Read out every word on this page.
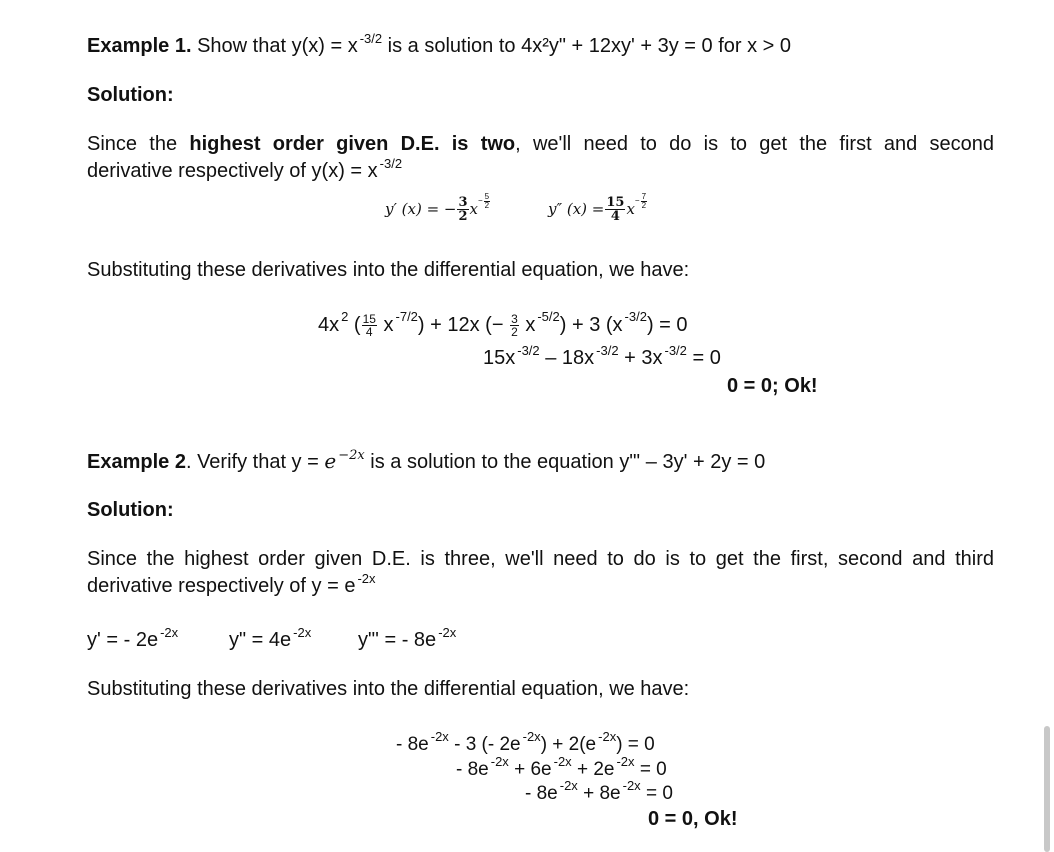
Example 1. Show that y(x) = x $^{-3/2}$ is a solution to 4x²y" + 12xy' + 3y = 0 for x > 0
Solution:
Since the highest order given D.E. is two, we'll need to do is to get the first and second
derivative respectively of y(x) = x $^{-3/2}$
y′ (x) = − $\frac{3}{2}$ $x - \frac{5}{2}$	y″ $(x) = \frac{15}{4}$ $x - \frac{7}{2}$
Substituting these derivatives into the differential equation, we have:
$4x^2$
( $\frac{15}{4}$
$x^{-7/2}$ ) + 12x (−
$\frac{3}{2}$
$x^{-5/2}$ ) + 3 ($x^{-3/2}$ ) = 0
15x $^{-3/2}$ – 18x $^{-3/2}$ + 3x $^{-3/2}$ = 0
0 = 0; Ok!
Example 2. Verify that y = e $^{-2x}$ is a solution to the equation y"' – 3y' + 2y = 0
Solution:
Since the highest order given D.E. is three, we'll need to do is to get the first, second and third
derivative respectively of y = e $^{-2x}$
y' = - 2e $^{-2x}$	y" = 4e $^{-2x}$ y"' = - 8e $^{-2x}$
Substituting these derivatives into the differential equation, we have:
- 8e $^{-2x}$ - 3 (- 2e $^{-2x}$) + 2(e $^{-2x}$) = 0
- 8e $^{-2x}$ + 6e $^{-2x}$ + 2e $^{-2x}$ = 0
- 8e $^{-2x}$ + 8e $^{-2x}$ = 0
0 = 0, Ok!
